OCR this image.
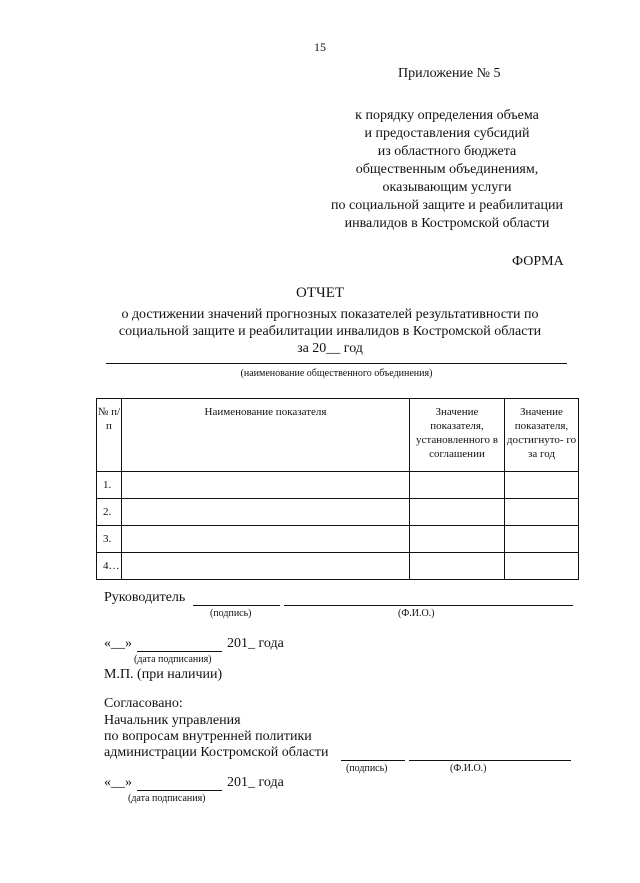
15
Приложение № 5
к порядку определения объема
и предоставления субсидий
из областного бюджета
общественным объединениям,
оказывающим услуги
по социальной защите и реабилитации
инвалидов в Костромской области
ФОРМА
ОТЧЕТ
о достижении значений прогнозных показателей результативности по
социальной защите и реабилитации инвалидов в Костромской области
за 20__ год
(наименование общественного объединения)
№ п/п	Наименование показателя	Значение показателя, установленного в соглашении	Значение показателя, достигнуто- го за год
1.			
2.			
3.			
4…			
Руководитель
(подпись)	(Ф.И.О.)
«__»	201_ года
(дата подписания)
М.П. (при наличии)
Согласовано:
Начальник управления
по вопросам внутренней политики
администрации Костромской области
(подпись)	(Ф.И.О.)
«__»	201_ года
(дата подписания)
